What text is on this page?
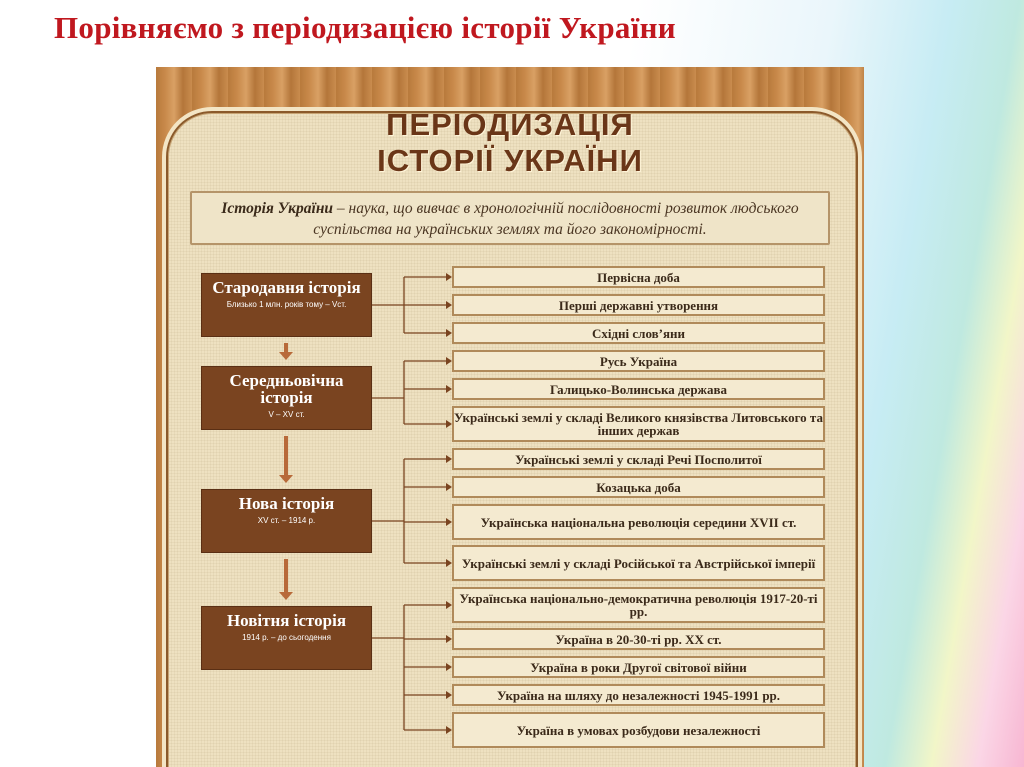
Порівняємо з періодизацією історії України
ПЕРІОДИЗАЦІЯ
ІСТОРІЇ УКРАЇНИ
Історія України – наука, що вивчає в хронологічній послідовності розвиток людського суспільства на українських землях та його закономірності.
Стародавня історія
Близько 1 млн. років тому – Vст.
Первісна доба
Перші державні утворення
Східні слов’яни
Середньовічна історія
V – XV ст.
Русь Україна
Галицько-Волинська держава
Українські землі у складі Великого князівства Литовського та інших держав
Нова історія
XV ст. – 1914 р.
Українські землі у складі Речі Посполитої
Козацька доба
Українська національна революція середини XVII ст.
Українські землі у складі Російської та Австрійської імперії
Новітня історія
1914 р. – до сьогодення
Українська національно-демократична революція 1917-20-ті рр.
Україна в 20-30-ті рр. ХХ ст.
Україна в роки Другої світової війни
Україна на шляху до незалежності 1945-1991 рр.
Україна в умовах розбудови незалежності
